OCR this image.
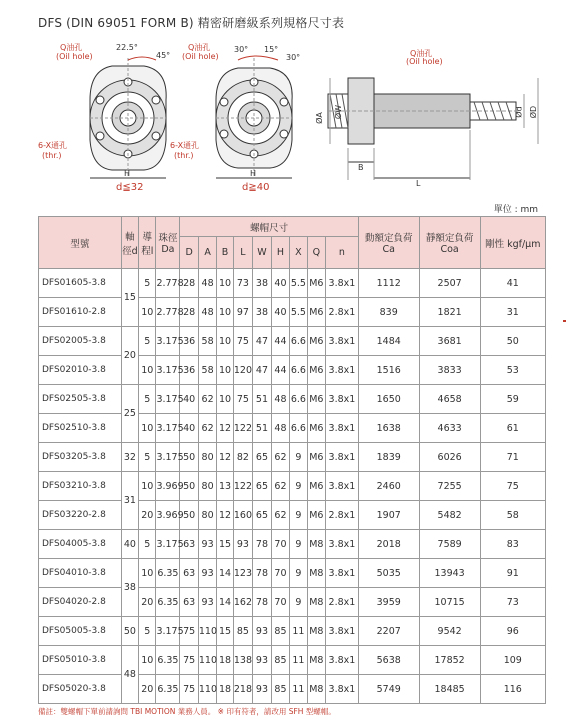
DFS (DIN 69051 FORM B) 精密研磨級系列規格尺寸表
Q油孔
(Oil hole)
22.5°
45°
6-X通孔
(thr.)
H
Q油孔
(Oil hole)
30° 15°
30°
6-X通孔
(thr.)
H
Q油孔
(Oil hole)
ØA ØW	Ød ØD
B
L
d≦32	d≧40
單位 : mm
型號	軸徑d	導程l	珠徑Da	螺帽尺寸									動額定負荷 Ca	靜額定負荷 Coa	剛性 kgf/μm
				D	A	B	L	W	H	X	Q	n			
DFS01605-3.8	15	5	2.778	28	48	10	73	38	40	5.5	M6	3.8x1	1112	2507	41
DFS01610-2.8		10	2.778	28	48	10	97	38	40	5.5	M6	2.8x1	839	1821	31
DFS02005-3.8	20	5	3.175	36	58	10	75	47	44	6.6	M6	3.8x1	1484	3681	50
DFS02010-3.8		10	3.175	36	58	10	120	47	44	6.6	M6	3.8x1	1516	3833	53
DFS02505-3.8	25	5	3.175	40	62	10	75	51	48	6.6	M6	3.8x1	1650	4658	59
DFS02510-3.8		10	3.175	40	62	12	122	51	48	6.6	M6	3.8x1	1638	4633	61
DFS03205-3.8	32	5	3.175	50	80	12	82	65	62	9	M6	3.8x1	1839	6026	71
DFS03210-3.8	31	10	3.969	50	80	13	122	65	62	9	M6	3.8x1	2460	7255	75
DFS03220-2.8		20	3.969	50	80	12	160	65	62	9	M6	2.8x1	1907	5482	58
DFS04005-3.8	40	5	3.175	63	93	15	93	78	70	9	M8	3.8x1	2018	7589	83
DFS04010-3.8	38	10	6.35	63	93	14	123	78	70	9	M8	3.8x1	5035	13943	91
DFS04020-2.8		20	6.35	63	93	14	162	78	70	9	M8	2.8x1	3959	10715	73
DFS05005-3.8	50	5	3.175	75	110	15	85	93	85	11	M8	3.8x1	2207	9542	96
DFS05010-3.8	48	10	6.35	75	110	18	138	93	85	11	M8	3.8x1	5638	17852	109
DFS05020-3.8		20	6.35	75	110	18	218	93	85	11	M8	3.8x1	5749	18485	116
備註：雙螺帽下單前請詢問 TBI MOTION 業務人員。 ※ 印有符者，請改用 SFH 型螺帽。
